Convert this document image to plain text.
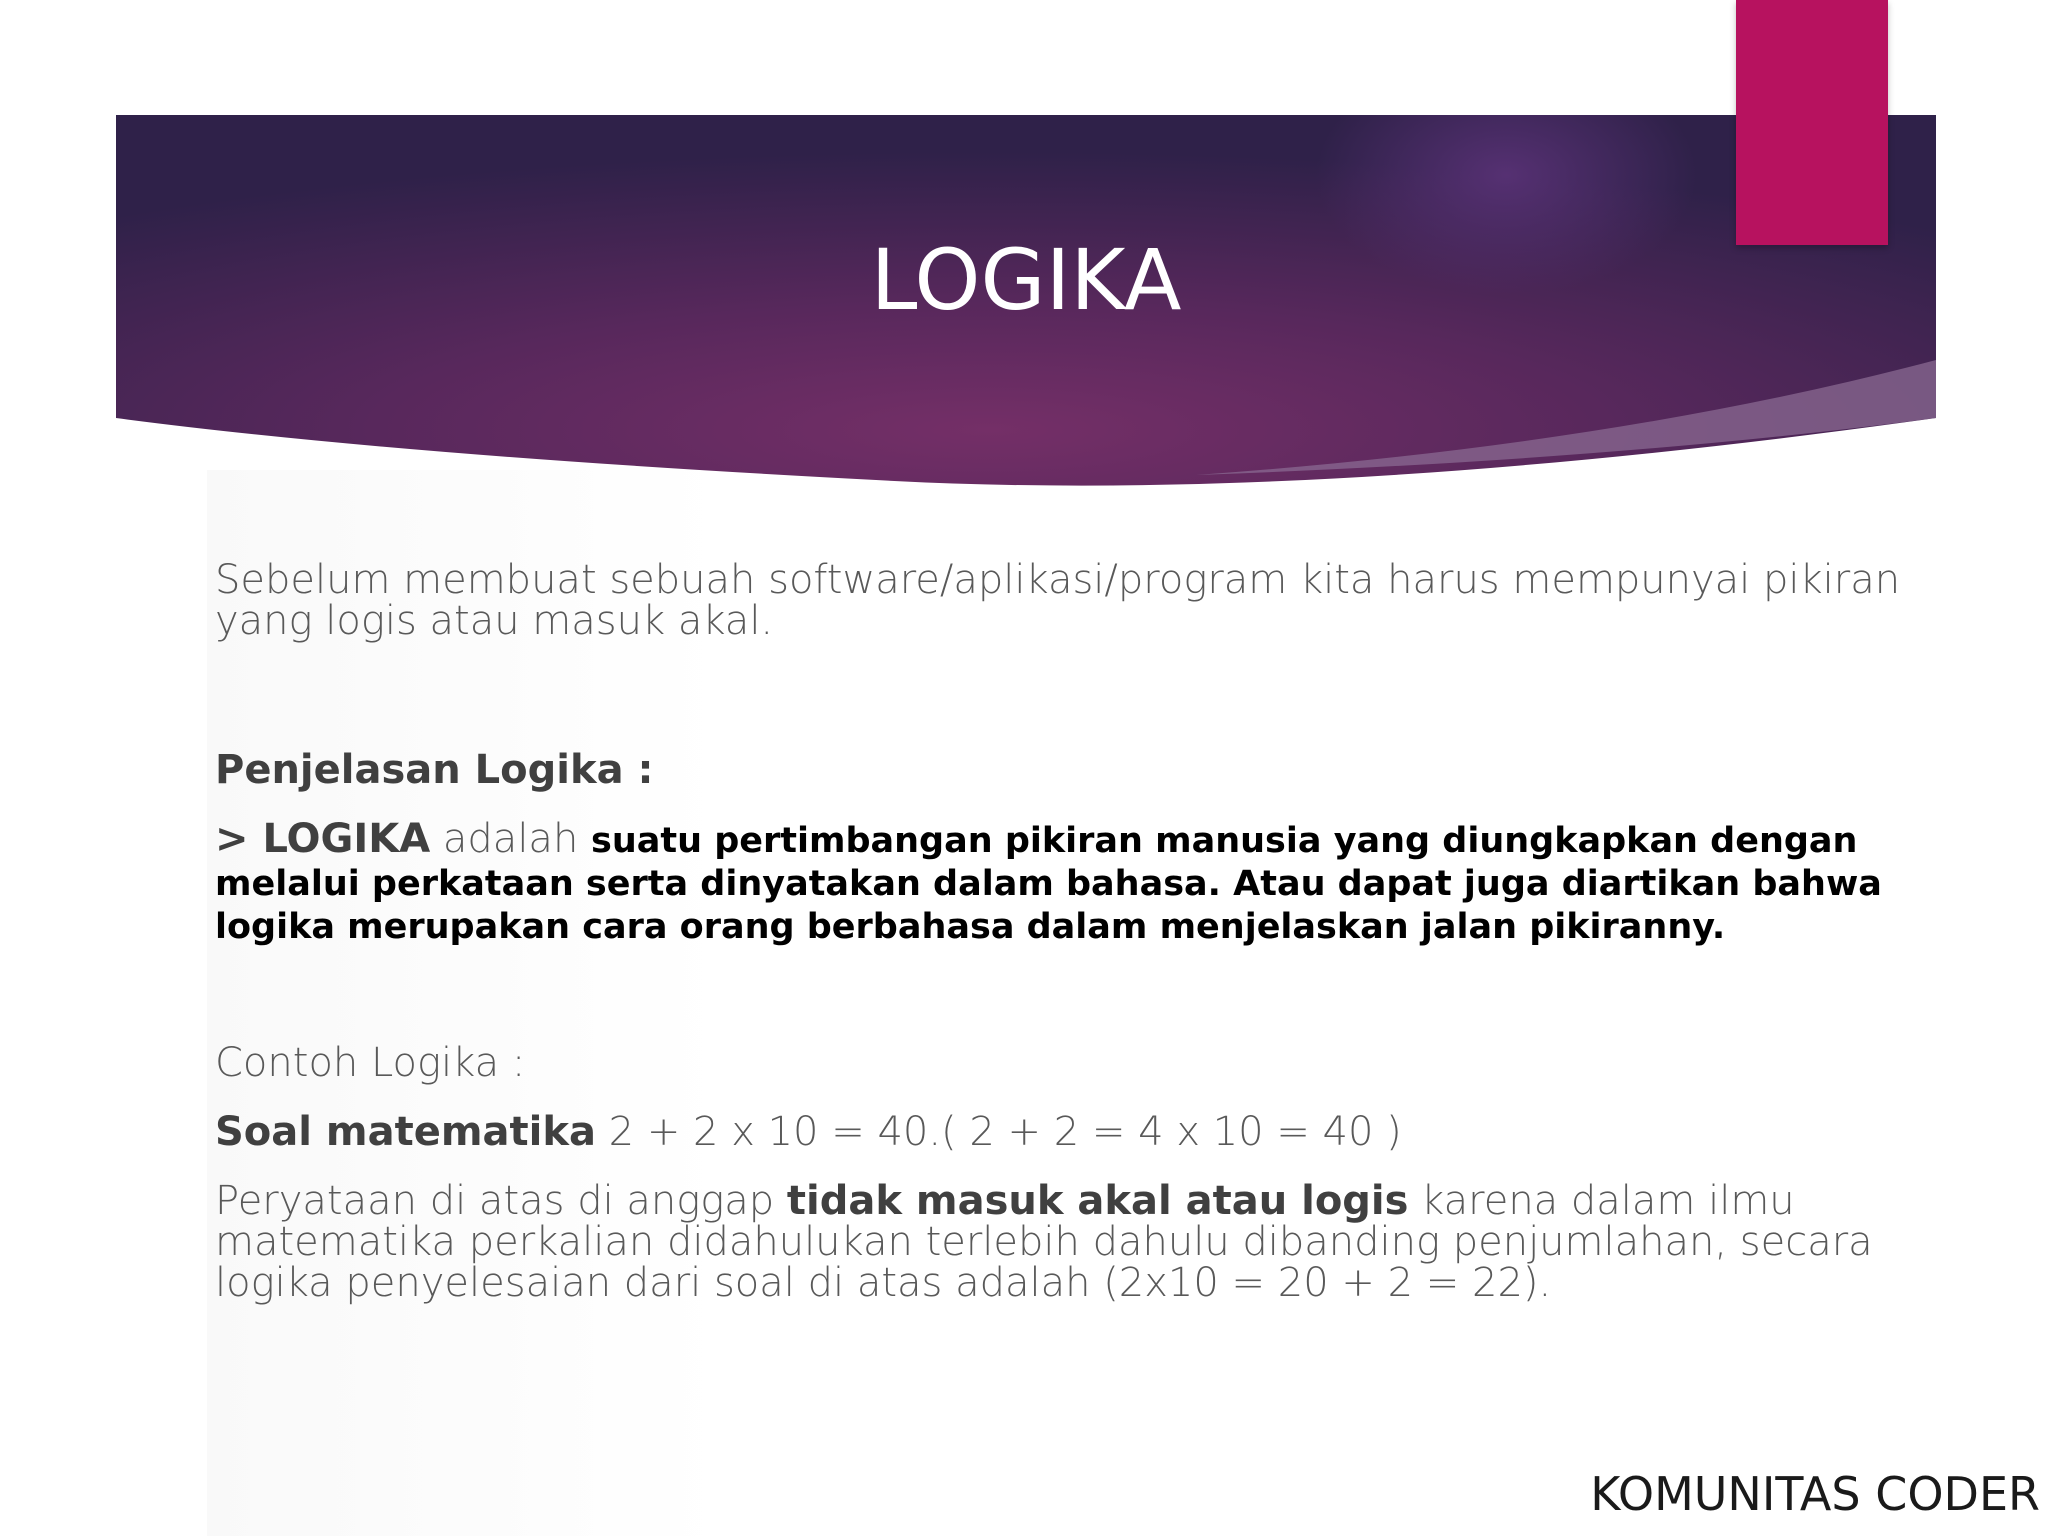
LOGIKA

Sebelum membuat sebuah software/aplikasi/program kita harus mempunyai pikiran yang logis atau masuk akal.

Penjelasan Logika :

> LOGIKA adalah suatu pertimbangan pikiran manusia yang diungkapkan dengan melalui perkataan serta dinyatakan dalam bahasa. Atau dapat juga diartikan bahwa logika merupakan cara orang berbahasa dalam menjelaskan jalan pikiranny.

Contoh Logika :

Soal matematika 2 + 2 x 10 = 40.( 2 + 2 = 4 x 10 = 40 )

Peryataan di atas di anggap tidak masuk akal atau logis karena dalam ilmu matematika perkalian didahulukan terlebih dahulu dibanding penjumlahan, secara logika penyelesaian dari soal di atas adalah (2x10 = 20 + 2 = 22).

KOMUNITAS CODER
